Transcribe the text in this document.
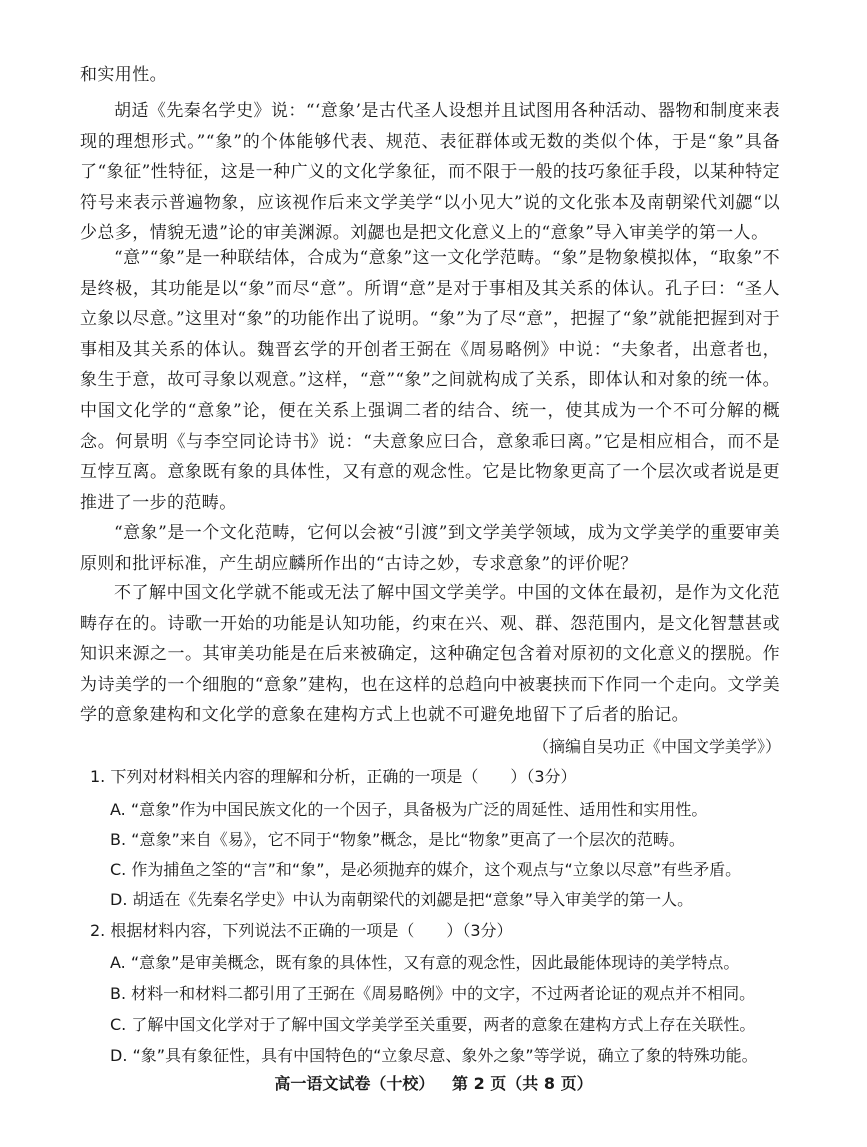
和实用性。

胡适《先秦名学史》说：“‘意象’是古代圣人设想并且试图用各种活动、器物和制度来表现的理想形式。”“象”的个体能够代表、规范、表征群体或无数的类似个体，于是“象”具备了“象征”性特征，这是一种广义的文化学象征，而不限于一般的技巧象征手段，以某种特定符号来表示普遍物象，应该视作后来文学美学“以小见大”说的文化张本及南朝梁代刘勰“以少总多，情貌无遗”论的审美渊源。刘勰也是把文化意义上的“意象”导入审美学的第一人。

“意”“象”是一种联结体，合成为“意象”这一文化学范畴。“象”是物象模拟体，“取象”不是终极，其功能是以“象”而尽“意”。所谓“意”是对于事相及其关系的体认。孔子曰：“圣人立象以尽意。”这里对“象”的功能作出了说明。“象”为了尽“意”，把握了“象”就能把握到对于事相及其关系的体认。魏晋玄学的开创者王弼在《周易略例》中说：“夫象者，出意者也，象生于意，故可寻象以观意。”这样，“意”“象”之间就构成了关系，即体认和对象的统一体。中国文化学的“意象”论，便在关系上强调二者的结合、统一，使其成为一个不可分解的概念。何景明《与李空同论诗书》说：“夫意象应曰合，意象乖曰离。”它是相应相合，而不是互悖互离。意象既有象的具体性，又有意的观念性。它是比物象更高了一个层次或者说是更推进了一步的范畴。

“意象”是一个文化范畴，它何以会被“引渡”到文学美学领域，成为文学美学的重要审美原则和批评标准，产生胡应麟所作出的“古诗之妙，专求意象”的评价呢？

不了解中国文化学就不能或无法了解中国文学美学。中国的文体在最初，是作为文化范畴存在的。诗歌一开始的功能是认知功能，约束在兴、观、群、怨范围内，是文化智慧甚或知识来源之一。其审美功能是在后来被确定，这种确定包含着对原初的文化意义的摆脱。作为诗美学的一个细胞的“意象”建构，也在这样的总趋向中被裹挟而下作同一个走向。文学美学的意象建构和文化学的意象在建构方式上也就不可避免地留下了后者的胎记。

（摘编自吴功正《中国文学美学》）
1. 下列对材料相关内容的理解和分析，正确的一项是（　　）（3分）
A. “意象”作为中国民族文化的一个因子，具备极为广泛的周延性、适用性和实用性。
B. “意象”来自《易》，它不同于“物象”概念，是比“物象”更高了一个层次的范畴。
C. 作为捕鱼之筌的“言”和“象”，是必须抛弃的媒介，这个观点与“立象以尽意”有些矛盾。
D. 胡适在《先秦名学史》中认为南朝梁代的刘勰是把“意象”导入审美学的第一人。
2. 根据材料内容，下列说法不正确的一项是（　　）（3分）
A. “意象”是审美概念，既有象的具体性，又有意的观念性，因此最能体现诗的美学特点。
B. 材料一和材料二都引用了王弼在《周易略例》中的文字，不过两者论证的观点并不相同。
C. 了解中国文化学对于了解中国文学美学至关重要，两者的意象在建构方式上存在关联性。
D. “象”具有象征性，具有中国特色的“立象尽意、象外之象”等学说，确立了象的特殊功能。
高一语文试卷（十校） 第 2 页（共 8 页）
